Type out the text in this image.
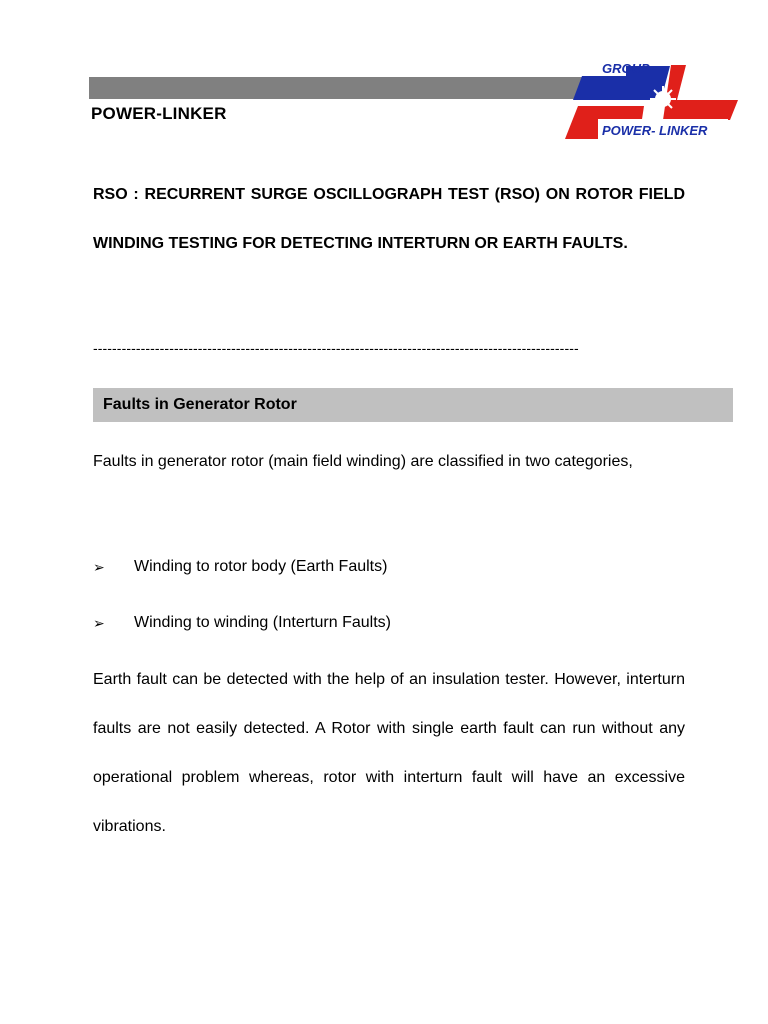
POWER-LINKER
GROUP
POWER- LINKER

RSO : RECURRENT SURGE OSCILLOGRAPH TEST (RSO) ON ROTOR FIELD WINDING TESTING FOR DETECTING INTERTURN OR EARTH FAULTS.

------------------------------------------------------------------------------------------------------
Faults in Generator Rotor

Faults in generator rotor (main field winding) are classified in two categories,

➢	Winding to rotor body (Earth Faults)
➢	Winding to winding (Interturn Faults)

Earth fault can be detected with the help of an insulation tester. However, interturn faults are not easily detected. A Rotor with single earth fault can run without any operational problem whereas, rotor with interturn fault will have an excessive vibrations.
